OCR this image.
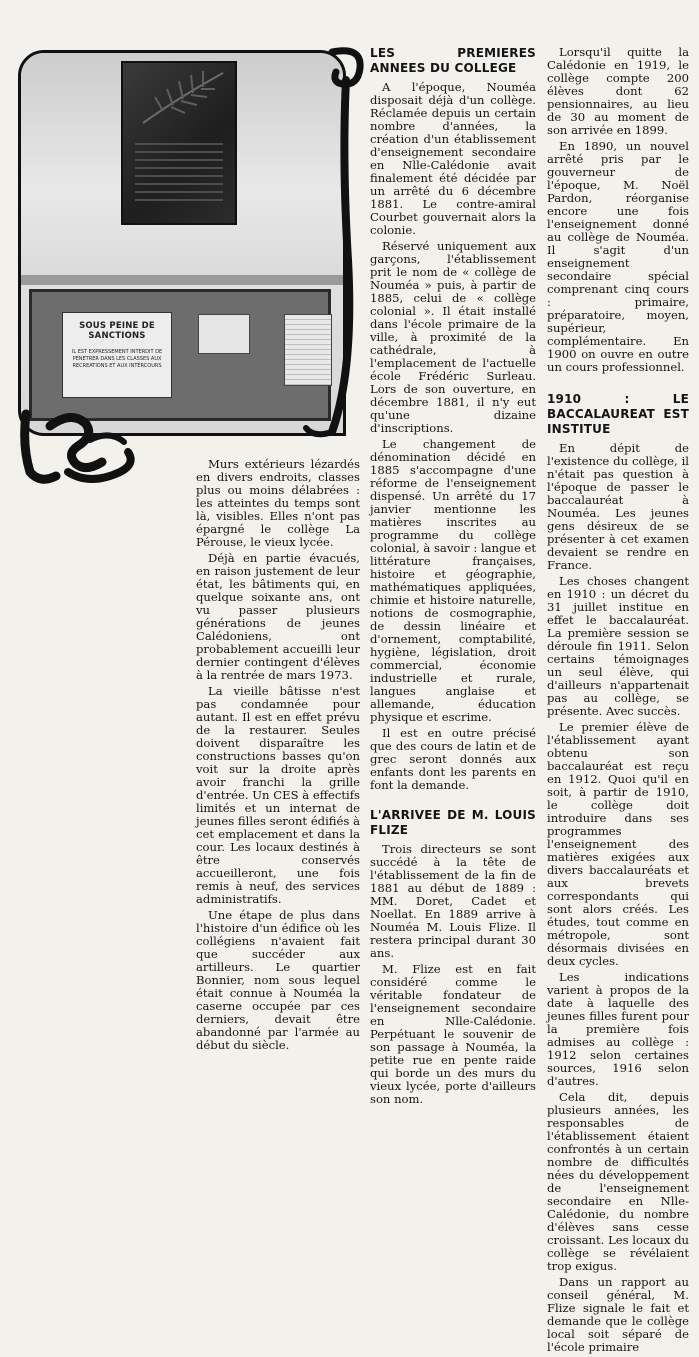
SOUS PEINE DE SANCTIONS
IL EST EXPRESSEMENT INTERDIT DE PENETRER DANS LES CLASSES AUX RECREATIONS ET AUX INTERCOURS

Murs extérieurs lézardés en divers endroits, classes plus ou moins délabrées : les atteintes du temps sont là, visibles. Elles n'ont pas épargné le collège La Pérouse, le vieux lycée.

Déjà en partie évacués, en raison justement de leur état, les bâtiments qui, en quelque soixante ans, ont vu passer plusieurs générations de jeunes Calédoniens, ont probablement accueilli leur dernier contingent d'élèves à la rentrée de mars 1973.

La vieille bâtisse n'est pas condamnée pour autant. Il est en effet prévu de la restaurer. Seules doivent disparaître les constructions basses qu'on voit sur la droite après avoir franchi la grille d'entrée. Un CES à effectifs limités et un internat de jeunes filles seront édifiés à cet emplacement et dans la cour. Les locaux destinés à être conservés accueilleront, une fois remis à neuf, des services administratifs.

Une étape de plus dans l'histoire d'un édifice où les collégiens n'avaient fait que succéder aux artilleurs. Le quartier Bonnier, nom sous lequel était connue à Nouméa la caserne occupée par ces derniers, devait être abandonné par l'armée au début du siècle.

LES PREMIERES ANNEES DU COLLEGE

A l'époque, Nouméa disposait déjà d'un collège. Réclamée depuis un certain nombre d'années, la création d'un établissement d'enseignement secondaire en Nlle-Calédonie avait finalement été décidée par un arrêté du 6 décembre 1881. Le contre-amiral Courbet gouvernait alors la colonie.

Réservé uniquement aux garçons, l'établissement prit le nom de « collège de Nouméa » puis, à partir de 1885, celui de « collège colonial ». Il était installé dans l'école primaire de la ville, à proximité de la cathédrale, à l'emplacement de l'actuelle école Frédéric Surleau. Lors de son ouverture, en décembre 1881, il n'y eut qu'une dizaine d'inscriptions.

Le changement de dénomination décidé en 1885 s'accompagne d'une réforme de l'enseignement dispensé. Un arrêté du 17 janvier mentionne les matières inscrites au programme du collège colonial, à savoir : langue et littérature françaises, histoire et géographie, mathématiques appliquées, chimie et histoire naturelle, notions de cosmographie, de dessin linéaire et d'ornement, comptabilité, hygiène, législation, droit commercial, économie industrielle et rurale, langues anglaise et allemande, éducation physique et escrime.

Il est en outre précisé que des cours de latin et de grec seront donnés aux enfants dont les parents en font la demande.

L'ARRIVEE DE M. LOUIS FLIZE

Trois directeurs se sont succédé à la tête de l'établissement de la fin de 1881 au début de 1889 : MM. Doret, Cadet et Noellat. En 1889 arrive à Nouméa M. Louis Flize. Il restera principal durant 30 ans.

M. Flize est en fait considéré comme le véritable fondateur de l'enseignement secondaire en Nlle-Calédonie. Perpétuant le souvenir de son passage à Nouméa, la petite rue en pente raide qui borde un des murs du vieux lycée, porte d'ailleurs son nom.

Lorsqu'il quitte la Calédonie en 1919, le collège compte 200 élèves dont 62 pensionnaires, au lieu de 30 au moment de son arrivée en 1899.

En 1890, un nouvel arrêté pris par le gouverneur de l'époque, M. Noël Pardon, réorganise encore une fois l'enseignement donné au collège de Nouméa. Il s'agit d'un enseignement secondaire spécial comprenant cinq cours : primaire, préparatoire, moyen, supérieur, complémentaire. En 1900 on ouvre en outre un cours professionnel.

1910 : LE BACCALAUREAT EST INSTITUE

En dépit de l'existence du collège, il n'était pas question à l'époque de passer le baccalauréat à Nouméa. Les jeunes gens désireux de se présenter à cet examen devaient se rendre en France.

Les choses changent en 1910 : un décret du 31 juillet institue en effet le baccalauréat. La première session se déroule fin 1911. Selon certains témoignages un seul élève, qui d'ailleurs n'appartenait pas au collège, se présente. Avec succès.

Le premier élève de l'établissement ayant obtenu son baccalauréat est reçu en 1912. Quoi qu'il en soit, à partir de 1910, le collège doit introduire dans ses programmes l'enseignement des matières exigées aux divers baccalauréats et aux brevets correspondants qui sont alors créés. Les études, tout comme en métropole, sont désormais divisées en deux cycles.

Les indications varient à propos de la date à laquelle des jeunes filles furent pour la première fois admises au collège : 1912 selon certaines sources, 1916 selon d'autres.

Cela dit, depuis plusieurs années, les responsables de l'établissement étaient confrontés à un certain nombre de difficultés nées du développement de l'enseignement secondaire en Nlle-Calédonie, du nombre d'élèves sans cesse croissant. Les locaux du collège se révélaient trop exigus.

Dans un rapport au conseil général, M. Flize signale le fait et demande que le collège local soit séparé de l'école primaire
